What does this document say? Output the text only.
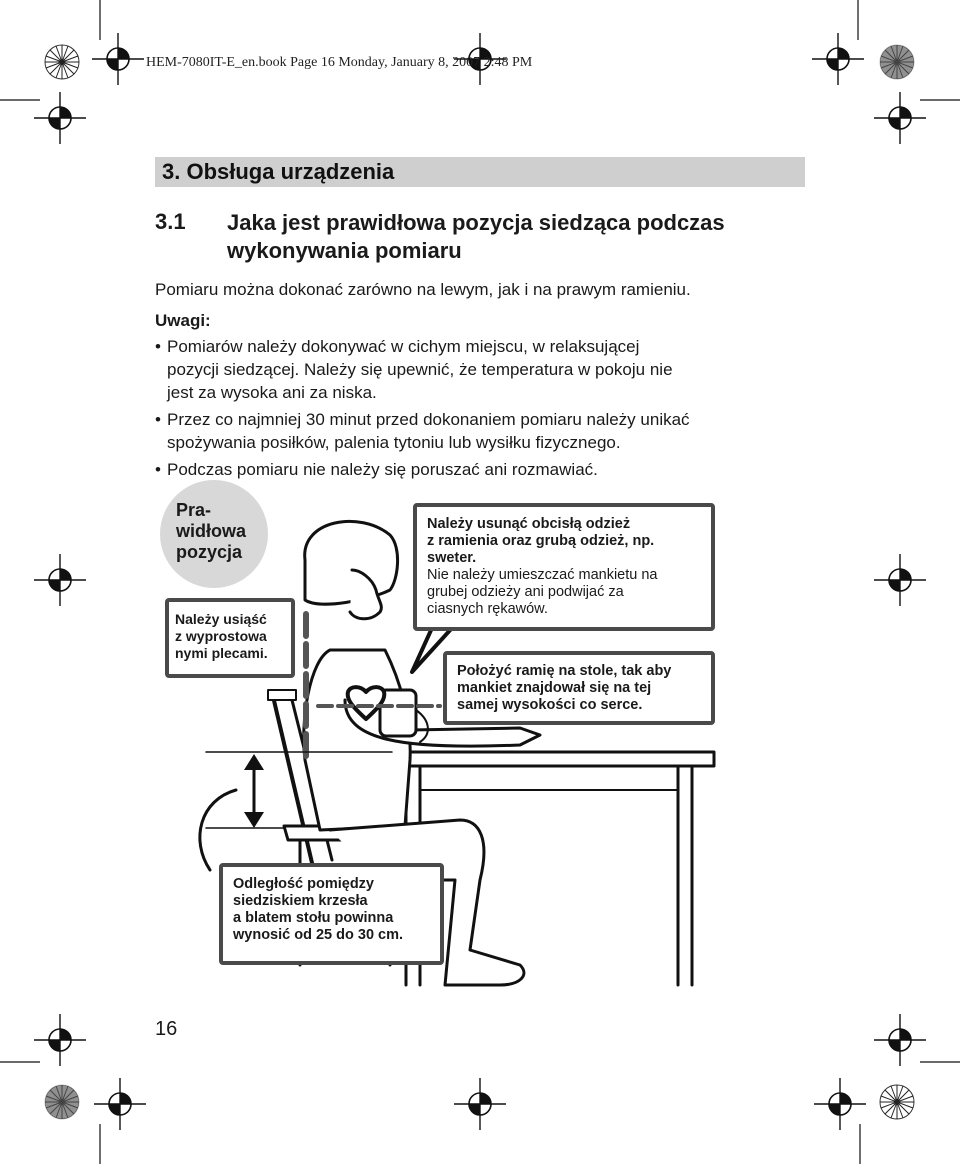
HEM-7080IT-E_en.book Page 16 Monday, January 8, 2007 2:48 PM
3. Obsługa urządzenia
3.1 Jaka jest prawidłowa pozycja siedząca podczas
wykonywania pomiaru
Pomiaru można dokonać zarówno na lewym, jak i na prawym ramieniu.
Uwagi:
• Pomiarów należy dokonywać w cichym miejscu, w relaksującej
pozycji siedzącej. Należy się upewnić, że temperatura w pokoju nie
jest za wysoka ani za niska.
• Przez co najmniej 30 minut przed dokonaniem pomiaru należy unikać
spożywania posiłków, palenia tytoniu lub wysiłku fizycznego.
• Podczas pomiaru nie należy się poruszać ani rozmawiać.
Pra-
widłowa
pozycja
Należy usiąść
z wyprostowa
nymi plecami.
Należy usunąć obcisłą odzież
z ramienia oraz grubą odzież, np.
sweter.
Nie należy umieszczać mankietu na
grubej odzieży ani podwijać za
ciasnych rękawów.
Położyć ramię na stole, tak aby
mankiet znajdował się na tej
samej wysokości co serce.
Odległość pomiędzy
siedziskiem krzesła
a blatem stołu powinna
wynosić od 25 do 30 cm.
16
